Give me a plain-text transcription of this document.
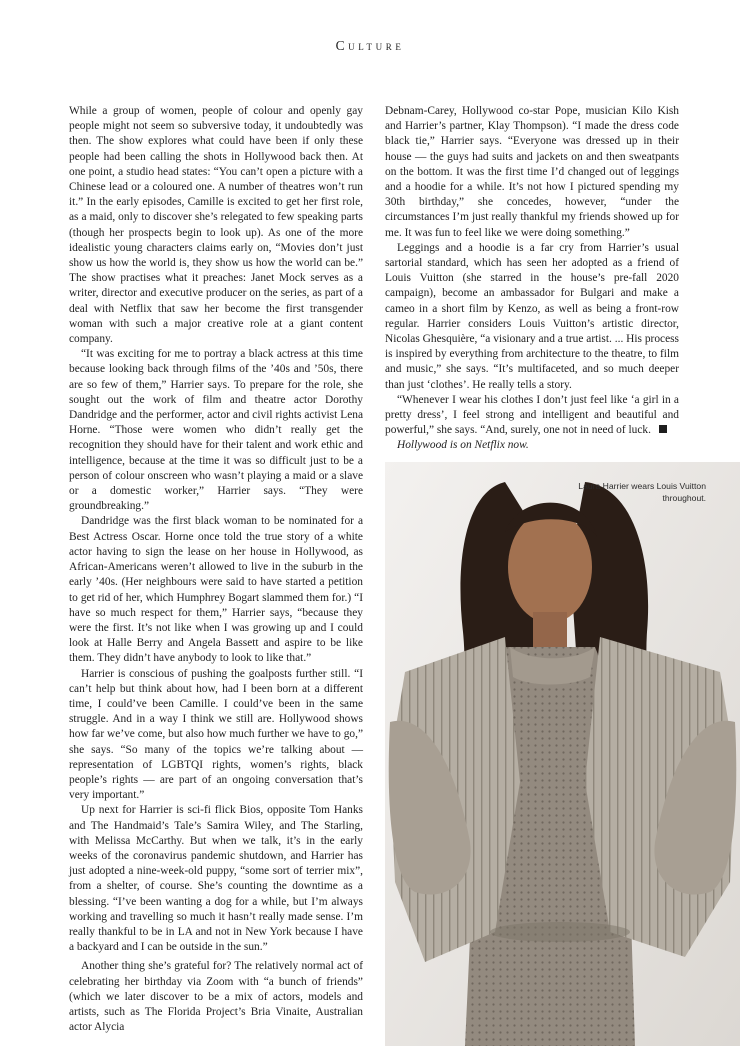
Culture

While a group of women, people of colour and openly gay people might not seem so subversive today, it undoubtedly was then. The show explores what could have been if only these people had been calling the shots in Hollywood back then. At one point, a studio head states: “You can’t open a picture with a Chinese lead or a coloured one. A number of theatres won’t run it.” In the early episodes, Camille is excited to get her first role, as a maid, only to discover she’s relegated to few speaking parts (though her prospects begin to look up). As one of the more idealistic young characters claims early on, “Movies don’t just show us how the world is, they show us how the world can be.” The show practises what it preaches: Janet Mock serves as a writer, director and executive producer on the series, as part of a deal with Netflix that saw her become the first transgender woman with such a major creative role at a giant content company.

“It was exciting for me to portray a black actress at this time because looking back through films of the ’40s and ’50s, there are so few of them,” Harrier says. To prepare for the role, she sought out the work of film and theatre actor Dorothy Dandridge and the performer, actor and civil rights activist Lena Horne. “Those were women who didn’t really get the recognition they should have for their talent and work ethic and intelligence, because at the time it was so difficult just to be a person of colour onscreen who wasn’t playing a maid or a slave or a domestic worker,” Harrier says. “They were groundbreaking.”

Dandridge was the first black woman to be nominated for a Best Actress Oscar. Horne once told the true story of a white actor having to sign the lease on her house in Hollywood, as African-Americans weren’t allowed to live in the suburb in the early ’40s. (Her neighbours were said to have started a petition to get rid of her, which Humphrey Bogart slammed them for.) “I have so much respect for them,” Harrier says, “because they were the first. It’s not like when I was growing up and I could look at Halle Berry and Angela Bassett and aspire to be like them. They didn’t have anybody to look to like that.”

Harrier is conscious of pushing the goalposts further still. “I can’t help but think about how, had I been born at a different time, I could’ve been Camille. I could’ve been in the same struggle. And in a way I think we still are. Hollywood shows how far we’ve come, but also how much further we have to go,” she says. “So many of the topics we’re talking about — representation of LGBTQI rights, women’s rights, black people’s rights — are part of an ongoing conversation that’s very important.”

Up next for Harrier is sci-fi flick Bios, opposite Tom Hanks and The Handmaid’s Tale’s Samira Wiley, and The Starling, with Melissa McCarthy. But when we talk, it’s in the early weeks of the coronavirus pandemic shutdown, and Harrier has just adopted a nine-week-old puppy, “some sort of terrier mix”, from a shelter, of course. She’s counting the downtime as a blessing. “I’ve been wanting a dog for a while, but I’m always working and travelling so much it hasn’t really made sense. I’m really thankful to be in LA and not in New York because I have a backyard and I can be outside in the sun.”

Another thing she’s grateful for? The relatively normal act of celebrating her birthday via Zoom with “a bunch of friends” (which we later discover to be a mix of actors, models and artists, such as The Florida Project’s Bria Vinaite, Australian actor Alycia

Debnam-Carey, Hollywood co-star Pope, musician Kilo Kish and Harrier’s partner, Klay Thompson). “I made the dress code black tie,” Harrier says. “Everyone was dressed up in their house — the guys had suits and jackets on and then sweatpants on the bottom. It was the first time I’d changed out of leggings and a hoodie for a while. It’s not how I pictured spending my 30th birthday,” she concedes, however, “under the circumstances I’m just really thankful my friends showed up for me. It was fun to feel like we were doing something.”

Leggings and a hoodie is a far cry from Harrier’s usual sartorial standard, which has seen her adopted as a friend of Louis Vuitton (she starred in the house’s pre-fall 2020 campaign), become an ambassador for Bulgari and make a cameo in a short film by Kenzo, as well as being a front-row regular. Harrier considers Louis Vuitton’s artistic director, Nicolas Ghesquière, “a visionary and a true artist. ... His process is inspired by everything from architecture to the theatre, to film and music,” she says. “It’s multifaceted, and so much deeper than just ‘clothes’. He really tells a story.

“Whenever I wear his clothes I don’t just feel like ‘a girl in a pretty dress’, I feel strong and intelligent and beautiful and powerful,” she says. “And, surely, one not in need of luck.

Hollywood is on Netflix now.

Laura Harrier wears Louis Vuitton throughout.
